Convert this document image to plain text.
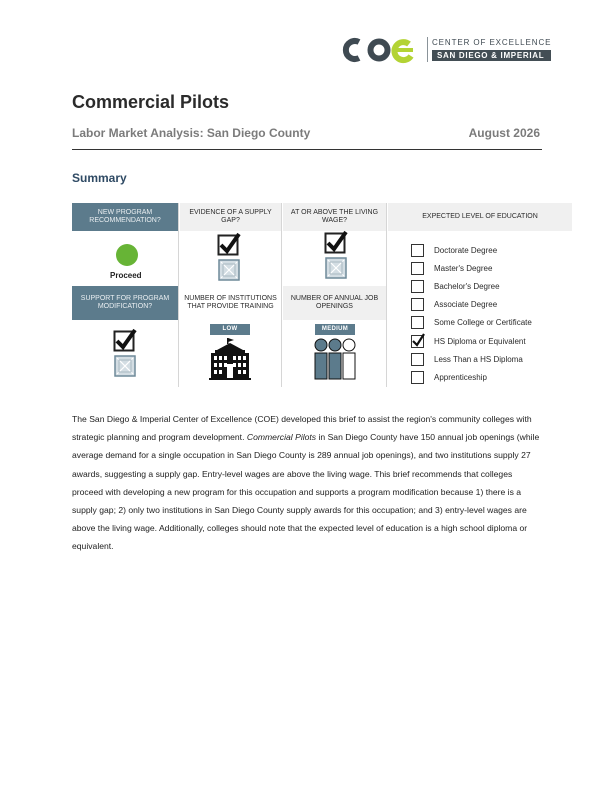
CENTER OF EXCELLENCE
SAN DIEGO & IMPERIAL
Commercial Pilots
Labor Market Analysis: San Diego County	August 2026
Summary
NEW PROGRAM RECOMMENDATION?
EVIDENCE OF A SUPPLY GAP?
AT OR ABOVE THE LIVING WAGE?
EXPECTED LEVEL OF EDUCATION
Proceed
SUPPORT FOR PROGRAM MODIFICATION?
NUMBER OF INSTITUTIONS THAT PROVIDE TRAINING
NUMBER OF ANNUAL JOB OPENINGS
LOW	MEDIUM
Doctorate Degree
Master's Degree
Bachelor's Degree
Associate Degree
Some College or Certificate
HS Diploma or Equivalent
Less Than a HS Diploma
Apprenticeship
The San Diego & Imperial Center of Excellence (COE) developed this brief to assist the region's community colleges with strategic planning and program development. Commercial Pilots in San Diego County have 150 annual job openings (while average demand for a single occupation in San Diego County is 289 annual job openings), and two institutions supply 27 awards, suggesting a supply gap. Entry-level wages are above the living wage. This brief recommends that colleges proceed with developing a new program for this occupation and supports a program modification because 1) there is a supply gap; 2) only two institutions in San Diego County supply awards for this occupation; and 3) entry-level wages are above the living wage. Additionally, colleges should note that the expected level of education is a high school diploma or equivalent.
